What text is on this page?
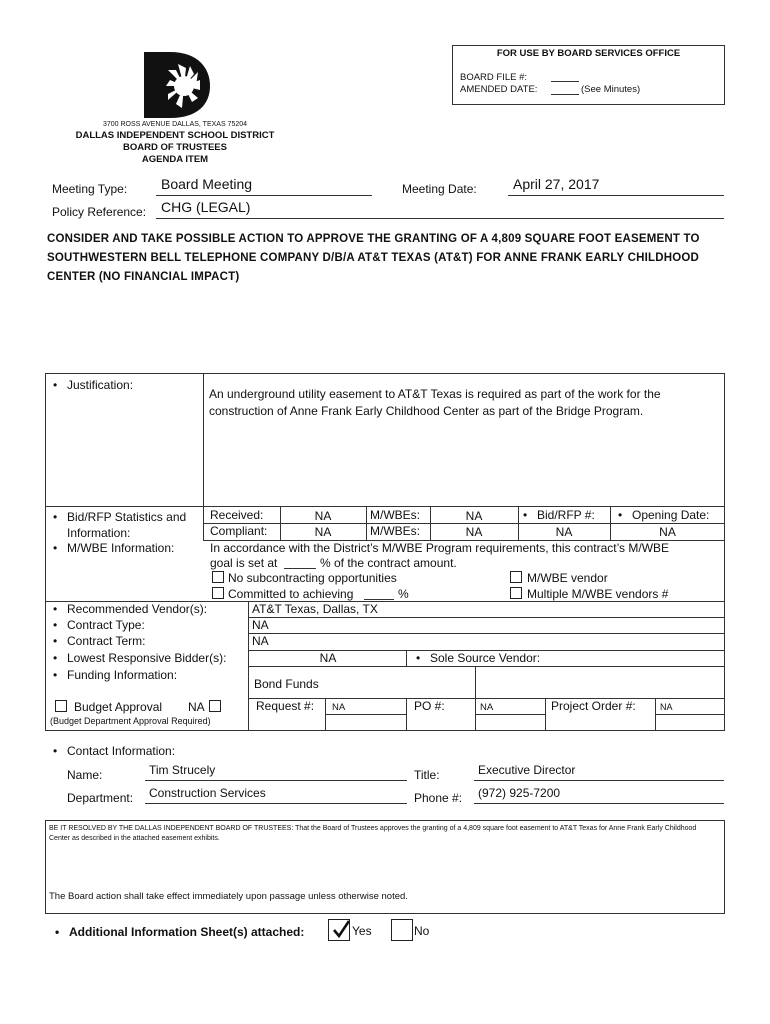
FOR USE BY BOARD SERVICES OFFICE
BOARD FILE #:
AMENDED DATE:	(See Minutes)
3700 ROSS AVENUE DALLAS, TEXAS 75204
DALLAS INDEPENDENT SCHOOL DISTRICT
BOARD OF TRUSTEES
AGENDA ITEM
Meeting Type:	Board Meeting	Meeting Date:	April 27, 2017
Policy Reference:	CHG (LEGAL)
CONSIDER AND TAKE POSSIBLE ACTION TO APPROVE THE GRANTING OF A 4,809 SQUARE FOOT EASEMENT TO SOUTHWESTERN BELL TELEPHONE COMPANY D/B/A AT&T TEXAS (AT&T) FOR ANNE FRANK EARLY CHILDHOOD CENTER (NO FINANCIAL IMPACT)
• Justification:
An underground utility easement to AT&T Texas is required as part of the work for the construction of Anne Frank Early Childhood Center as part of the Bridge Program.
• Bid/RFP Statistics and
Information:
Received:	NA	M/WBEs:	NA	• Bid/RFP #:	• Opening Date:
Compliant:	NA	M/WBEs:	NA	NA	NA
• M/WBE Information:	In accordance with the District’s M/WBE Program requirements, this contract’s M/WBE
goal is set at	% of the contract amount.
No subcontracting opportunities
Committed to achieving	%
M/WBE vendor
Multiple M/WBE vendors #
• Recommended Vendor(s):	AT&T Texas, Dallas, TX
• Contract Type:	NA
• Contract Term:	NA
• Lowest Responsive Bidder(s):	NA	• Sole Source Vendor:
• Funding Information:
Bond Funds
Budget Approval NA
(Budget Department Approval Required)
Request #: NA	PO #:	NA	Project Order #:	NA
• Contact Information:
Name:	Tim Strucely	Title:	Executive Director
Department:	Construction Services	Phone #:	(972) 925-7200
BE IT RESOLVED BY THE DALLAS INDEPENDENT BOARD OF TRUSTEES: That the Board of Trustees approves the granting of a 4,809 square foot easement to AT&T Texas for Anne Frank Early Childhood Center as described in the attached easement exhibits.
The Board action shall take effect immediately upon passage unless otherwise noted.
• Additional Information Sheet(s) attached:	Yes	No
